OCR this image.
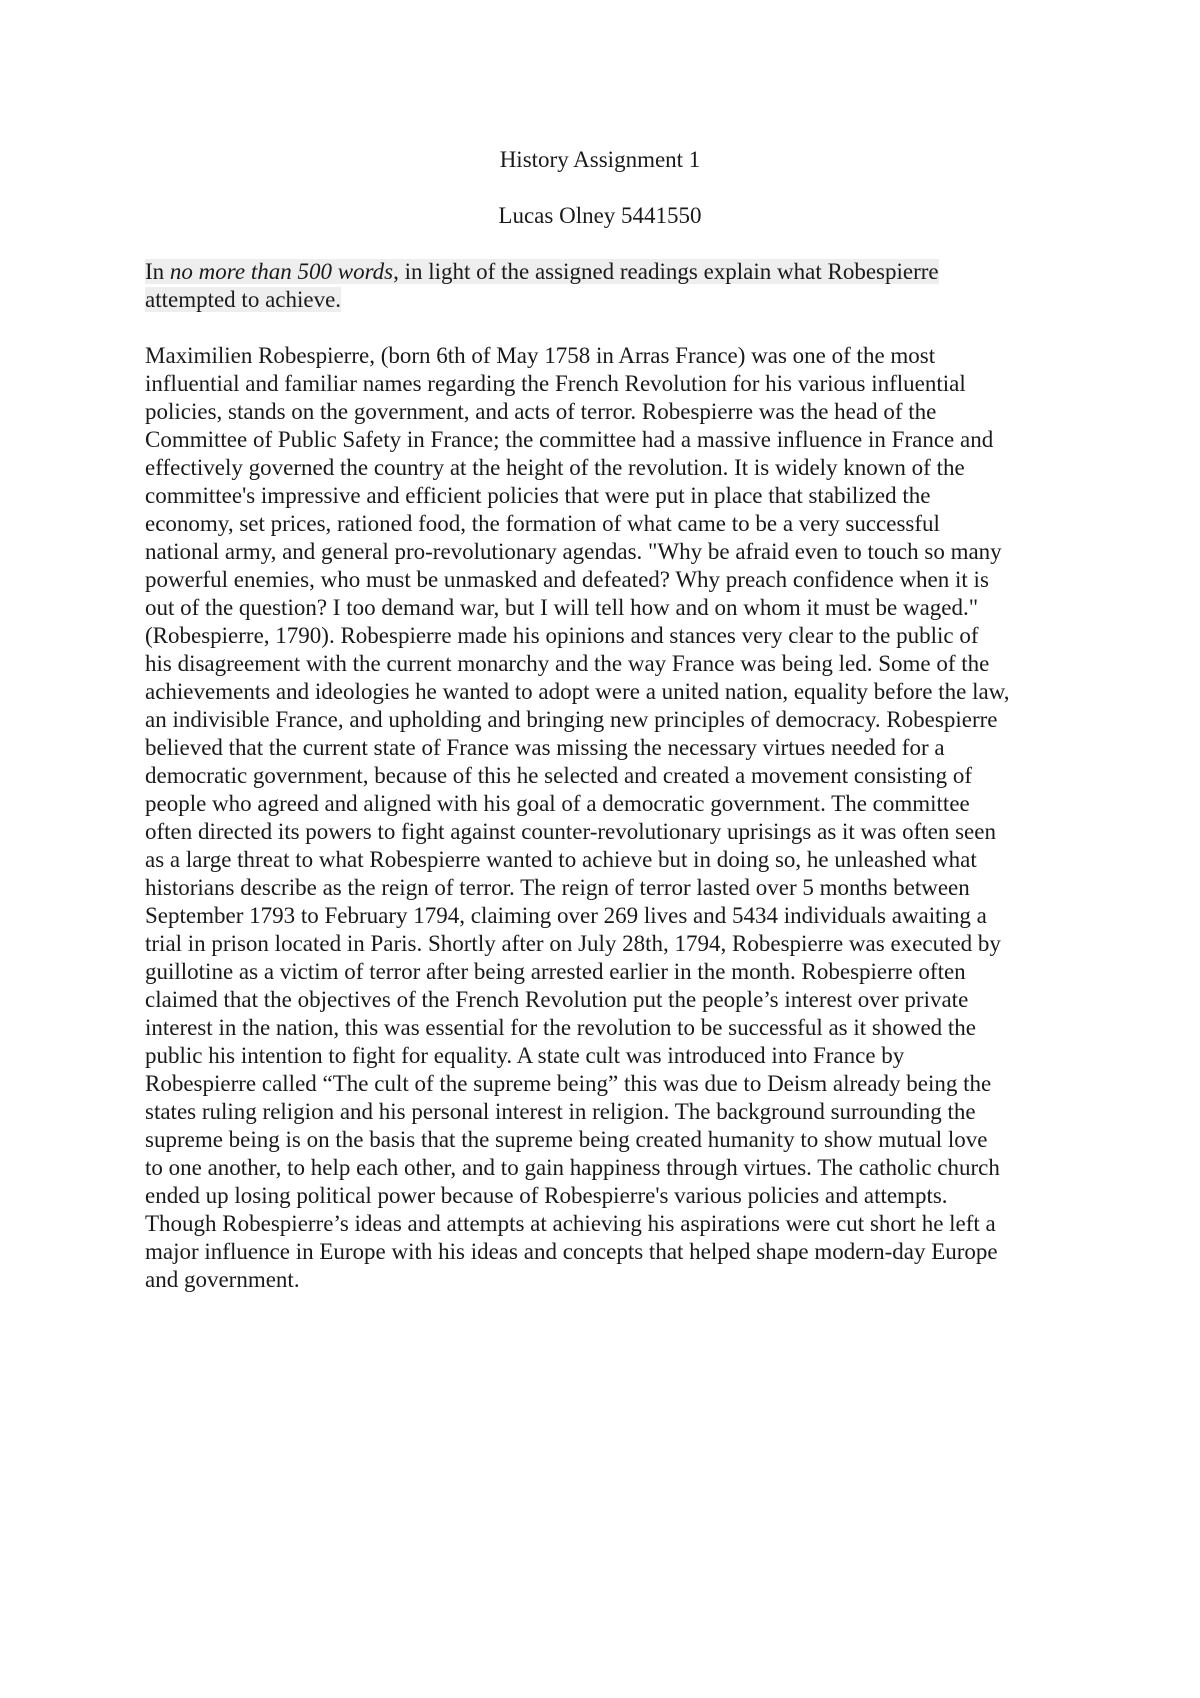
History Assignment 1
Lucas Olney 5441550
In no more than 500 words, in light of the assigned readings explain what Robespierre
attempted to achieve.
Maximilien Robespierre, (born 6th of May 1758 in Arras France) was one of the most
influential and familiar names regarding the French Revolution for his various influential
policies, stands on the government, and acts of terror. Robespierre was the head of the
Committee of Public Safety in France; the committee had a massive influence in France and
effectively governed the country at the height of the revolution. It is widely known of the
committee's impressive and efficient policies that were put in place that stabilized the
economy, set prices, rationed food, the formation of what came to be a very successful
national army, and general pro-revolutionary agendas. "Why be afraid even to touch so many
powerful enemies, who must be unmasked and defeated? Why preach confidence when it is
out of the question? I too demand war, but I will tell how and on whom it must be waged."
(Robespierre, 1790). Robespierre made his opinions and stances very clear to the public of
his disagreement with the current monarchy and the way France was being led. Some of the
achievements and ideologies he wanted to adopt were a united nation, equality before the law,
an indivisible France, and upholding and bringing new principles of democracy. Robespierre
believed that the current state of France was missing the necessary virtues needed for a
democratic government, because of this he selected and created a movement consisting of
people who agreed and aligned with his goal of a democratic government. The committee
often directed its powers to fight against counter-revolutionary uprisings as it was often seen
as a large threat to what Robespierre wanted to achieve but in doing so, he unleashed what
historians describe as the reign of terror. The reign of terror lasted over 5 months between
September 1793 to February 1794, claiming over 269 lives and 5434 individuals awaiting a
trial in prison located in Paris. Shortly after on July 28th, 1794, Robespierre was executed by
guillotine as a victim of terror after being arrested earlier in the month. Robespierre often
claimed that the objectives of the French Revolution put the people’s interest over private
interest in the nation, this was essential for the revolution to be successful as it showed the
public his intention to fight for equality. A state cult was introduced into France by
Robespierre called “The cult of the supreme being” this was due to Deism already being the
states ruling religion and his personal interest in religion. The background surrounding the
supreme being is on the basis that the supreme being created humanity to show mutual love
to one another, to help each other, and to gain happiness through virtues. The catholic church
ended up losing political power because of Robespierre's various policies and attempts.
Though Robespierre’s ideas and attempts at achieving his aspirations were cut short he left a
major influence in Europe with his ideas and concepts that helped shape modern-day Europe
and government.
